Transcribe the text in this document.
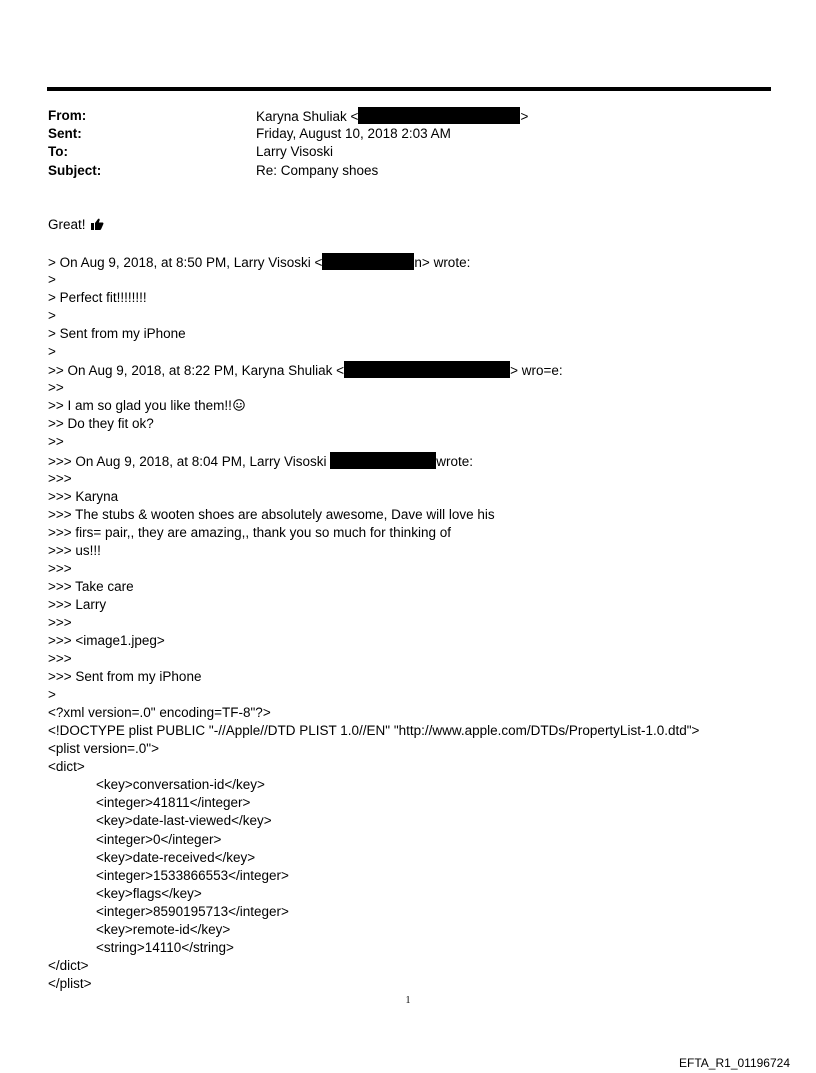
From:	Karyna Shuliak <	>
Sent:	Friday, August 10, 2018 2:03 AM
To:	Larry Visoski
Subject:	Re: Company shoes
Great!
> On Aug 9, 2018, at 8:50 PM, Larry Visoski <	n> wrote:
>
> Perfect fit!!!!!!!!
>
> Sent from my iPhone
>
>> On Aug 9, 2018, at 8:22 PM, Karyna Shuliak <	> wro=e:
>>
>> I am so glad you like them!!
>> Do they fit ok?
>>
>>> On Aug 9, 2018, at 8:04 PM, Larry Visoski	wrote:
>>>
>>> Karyna
>>> The stubs & wooten shoes are absolutely awesome, Dave will love his
>>> firs= pair,, they are amazing,, thank you so much for thinking of
>>> us!!!
>>>
>>> Take care
>>> Larry
>>>
>>> <image1.jpeg>
>>>
>>> Sent from my iPhone
>
<?xml version=.0" encoding=TF-8"?>
<!DOCTYPE plist PUBLIC "-//Apple//DTD PLIST 1.0//EN" "http://www.apple.com/DTDs/PropertyList-1.0.dtd">
<plist version=.0">
<dict>
<key>conversation-id</key>
<integer>41811</integer>
<key>date-last-viewed</key>
<integer>0</integer>
<key>date-received</key>
<integer>1533866553</integer>
<key>flags</key>
<integer>8590195713</integer>
<key>remote-id</key>
<string>14110</string>
</dict>
</plist>
1
EFTA_R1_01196724
